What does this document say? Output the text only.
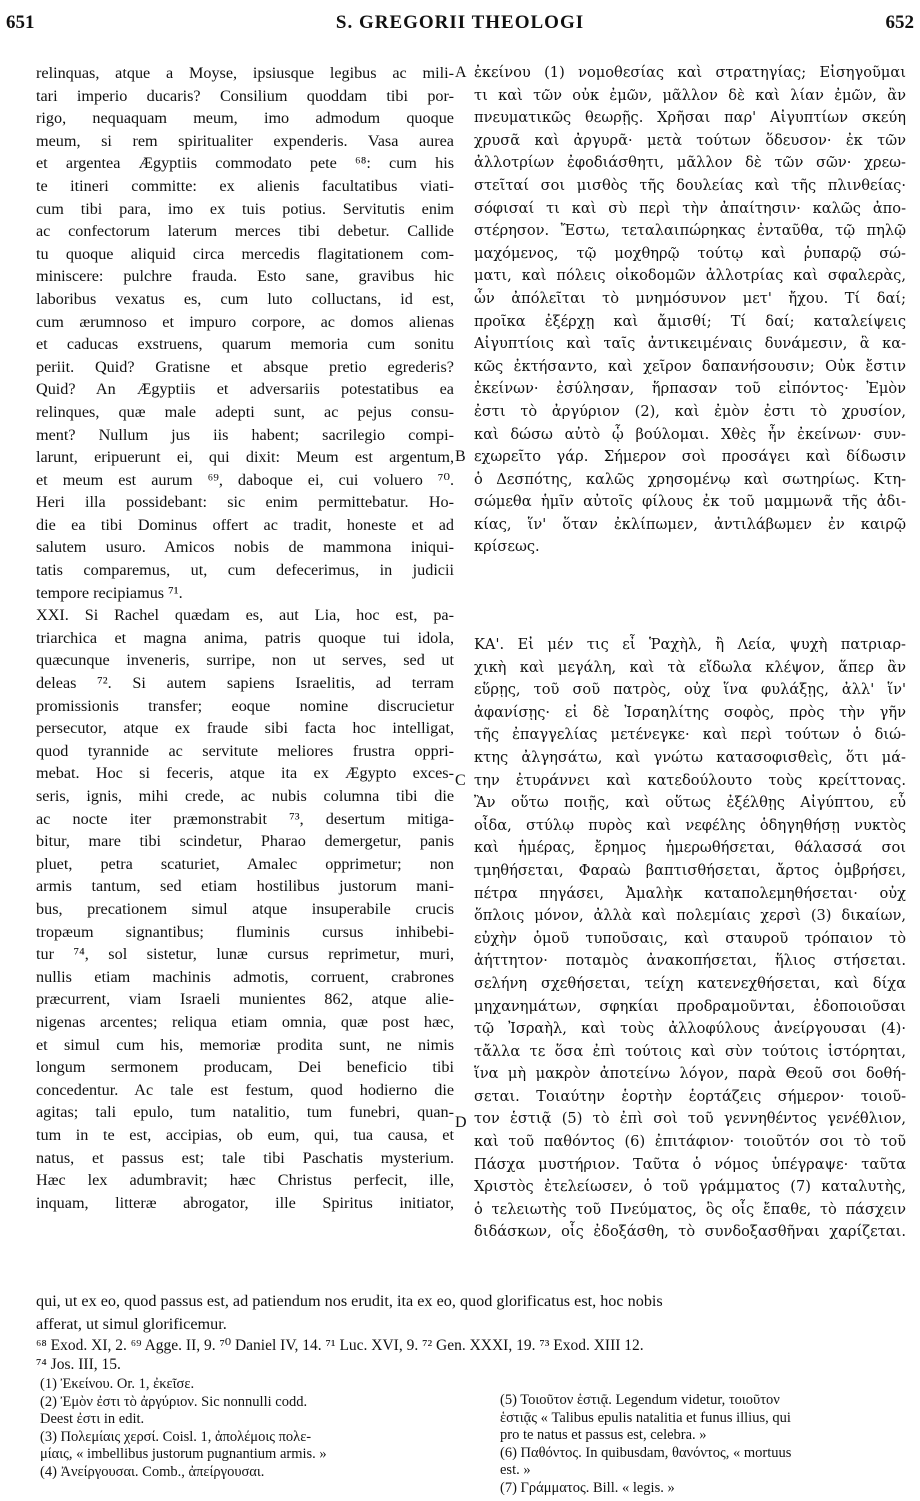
651	S. GREGORII THEOLOGI	652
relinquas, atque a Moyse, ipsiusque legibus ac mili-
tari imperio ducaris? Consilium quoddam tibi por-
rigo, nequaquam meum, imo admodum quoque
meum, si rem spiritualiter expenderis. Vasa aurea
et argentea Ægyptiis commodato pete ⁶⁸: cum his
te itineri committe: ex alienis facultatibus viati-
cum tibi para, imo ex tuis potius. Servitutis enim
ac confectorum laterum merces tibi debetur. Callide
tu quoque aliquid circa mercedis flagitationem com-
miniscere: pulchre frauda. Esto sane, gravibus hic
laboribus vexatus es, cum luto colluctans, id est,
cum ærumnoso et impuro corpore, ac domos alienas
et caducas exstruens, quarum memoria cum sonitu
periit. Quid? Gratisne et absque pretio egrederis?
Quid? An Ægyptiis et adversariis potestatibus ea
relinques, quæ male adepti sunt, ac pejus consu-
ment? Nullum jus iis habent; sacrilegio compi-
larunt, eripuerunt ei, qui dixit: Meum est argentum,
et meum est aurum ⁶⁹, daboque ei, cui voluero ⁷⁰.
Heri illa possidebant: sic enim permittebatur. Ho-
die ea tibi Dominus offert ac tradit, honeste et ad
salutem usuro. Amicos nobis de mammona iniqui-
tatis comparemus, ut, cum defecerimus, in judicii
tempore recipiamus ⁷¹.
XXI. Si Rachel quædam es, aut Lia, hoc est, pa-
triarchica et magna anima, patris quoque tui idola,
quæcunque inveneris, surripe, non ut serves, sed ut
deleas ⁷². Si autem sapiens Israelitis, ad terram
promissionis transfer; eoque nomine discrucietur
persecutor, atque ex fraude sibi facta hoc intelligat,
quod tyrannide ac servitute meliores frustra oppri-
mebat. Hoc si feceris, atque ita ex Ægypto exces-
seris, ignis, mihi crede, ac nubis columna tibi die
ac nocte iter præmonstrabit ⁷³, desertum mitiga-
bitur, mare tibi scindetur, Pharao demergetur, panis
pluet, petra scaturiet, Amalec opprimetur; non
armis tantum, sed etiam hostilibus justorum mani-
bus, precationem simul atque insuperabile crucis
tropæum signantibus; fluminis cursus inhibebi-
tur ⁷⁴, sol sistetur, lunæ cursus reprimetur, muri,
nullis etiam machinis admotis, corruent, crabrones
præcurrent, viam Israeli munientes 862, atque alie-
nigenas arcentes; reliqua etiam omnia, quæ post hæc,
et simul cum his, memoriæ prodita sunt, ne nimis
longum sermonem producam, Dei beneficio tibi
concedentur. Ac tale est festum, quod hodierno die
agitas; tali epulo, tum natalitio, tum funebri, quan-
tum in te est, accipias, ob eum, qui, tua causa, et
natus, et passus est; tale tibi Paschatis mysterium.
Hæc lex adumbravit; hæc Christus perfecit, ille,
inquam, litteræ abrogator, ille Spiritus initiator,
ἐκείνου (1) νομοθεσίας καὶ στρατηγίας; Εἰσηγοῦμαι
τι καὶ τῶν οὐκ ἐμῶν, μᾶλλον δὲ καὶ λίαν ἐμῶν, ἂν
πνευματικῶς θεωρῇς. Χρῆσαι παρ' Αἰγυπτίων σκεύη
χρυσᾶ καὶ ἀργυρᾶ· μετὰ τούτων ὅδευσον· ἐκ τῶν
ἀλλοτρίων ἐφοδιάσθητι, μᾶλλον δὲ τῶν σῶν· χρεω-
στεῖταί σοι μισθὸς τῆς δουλείας καὶ τῆς πλινθείας·
σόφισαί τι καὶ σὺ περὶ τὴν ἀπαίτησιν· καλῶς ἀπο-
στέρησον. Ἔστω, τεταλαιπώρηκας ἐνταῦθα, τῷ πηλῷ
μαχόμενος, τῷ μοχθηρῷ τούτῳ καὶ ῥυπαρῷ σώ-
ματι, καὶ πόλεις οἰκοδομῶν ἀλλοτρίας καὶ σφαλερὰς,
ὧν ἀπόλεῖται τὸ μνημόσυνον μετ' ἤχου. Τί δαί;
προῖκα ἐξέρχῃ καὶ ἄμισθί; Τί δαί; καταλείψεις
Αἰγυπτίοις καὶ ταῖς ἀντικειμέναις δυνάμεσιν, ἃ κα-
κῶς ἐκτήσαντο, καὶ χεῖρον δαπανήσουσιν; Οὐκ ἔστιν
ἐκείνων· ἐσύλησαν, ἥρπασαν τοῦ εἰπόντος· Ἐμὸν
ἐστι τὸ ἀργύριον (2), καὶ ἐμὸν ἐστι τὸ χρυσίον,
καὶ δώσω αὐτὸ ᾧ βούλομαι. Χθὲς ἦν ἐκείνων· συν-
εχωρεῖτο γάρ. Σήμερον σοὶ προσάγει καὶ δίδωσιν
ὁ Δεσπότης, καλῶς χρησομένῳ καὶ σωτηρίως. Κτη-
σώμεθα ἡμῖν αὐτοῖς φίλους ἐκ τοῦ μαμμωνᾶ τῆς ἀδι-
κίας, ἵν' ὅταν ἐκλίπωμεν, ἀντιλάβωμεν ἐν καιρῷ
κρίσεως.
ΚΑ'. Εἰ μέν τις εἶ Ῥαχὴλ, ἢ Λεία, ψυχὴ πατριαρ-
χικὴ καὶ μεγάλη, καὶ τὰ εἴδωλα κλέψον, ἅπερ ἂν
εὕρῃς, τοῦ σοῦ πατρὸς, οὐχ ἵνα φυλάξῃς, ἀλλ' ἵν'
ἀφανίσῃς· εἰ δὲ Ἰσραηλίτης σοφὸς, πρὸς τὴν γῆν
τῆς ἐπαγγελίας μετένεγκε· καὶ περὶ τούτων ὁ διώ-
κτης ἀλγησάτω, καὶ γνώτω κατασοφισθεὶς, ὅτι μά-
την ἐτυράννει καὶ κατεδούλουτο τοὺς κρείττονας.
Ἂν οὕτω ποιῇς, καὶ οὕτως ἐξέλθῃς Αἰγύπτου, εὖ
οἶδα, στύλῳ πυρὸς καὶ νεφέλης ὁδηγηθήσῃ νυκτὸς
καὶ ἡμέρας, ἔρημος ἡμερωθήσεται, θάλασσά σοι
τμηθήσεται, Φαραὼ βαπτισθήσεται, ἄρτος ὀμβρήσει,
πέτρα πηγάσει, Ἀμαλὴκ καταπολεμηθήσεται· οὐχ
ὅπλοις μόνον, ἀλλὰ καὶ πολεμίαις χερσὶ (3) δικαίων,
εὐχὴν ὁμοῦ τυποῦσαις, καὶ σταυροῦ τρόπαιον τὸ
ἀήττητον· ποταμὸς ἀνακοπήσεται, ἥλιος στήσεται.
σελήνη σχεθήσεται, τείχη κατενεχθήσεται, καὶ δίχα
μηχανημάτων, σφηκίαι προδραμοῦνται, ἐδοποιοῦσαι
τῷ Ἰσραὴλ, καὶ τοὺς ἀλλοφύλους ἀνείργουσαι (4)·
τἄλλα τε ὅσα ἐπὶ τούτοις καὶ σὺν τούτοις ἱστόρηται,
ἵνα μὴ μακρὸν ἀποτείνω λόγον, παρὰ Θεοῦ σοι δοθή-
σεται. Τοιαύτην ἑορτὴν ἑορτάζεις σήμερον· τοιοῦ-
τον ἑστιᾷ (5) τὸ ἐπὶ σοὶ τοῦ γεννηθέντος γενέθλιον,
καὶ τοῦ παθόντος (6) ἐπιτάφιον· τοιοῦτόν σοι τὸ τοῦ
Πάσχα μυστήριον. Ταῦτα ὁ νόμος ὑπέγραψε· ταῦτα
Χριστὸς ἐτελείωσεν, ὁ τοῦ γράμματος (7) καταλυτὴς,
ὁ τελειωτὴς τοῦ Πνεύματος, ὃς οἷς ἔπαθε, τὸ πάσχειν
διδάσκων, οἷς ἐδοξάσθη, τὸ συνδοξασθῆναι χαρίζεται.
A
B
C
D
qui, ut ex eo, quod passus est, ad patiendum nos erudit, ita ex eo, quod glorificatus est, hoc nobis
afferat, ut simul glorificemur.
⁶⁸ Exod. XI, 2. ⁶⁹ Agge. II, 9. ⁷⁰ Daniel IV, 14. ⁷¹ Luc. XVI, 9. ⁷² Gen. XXXI, 19. ⁷³ Exod. XIII 12.
⁷⁴ Jos. III, 15.
(1) Ἐκείνου. Or. 1, ἐκεῖσε.
(2) Ἐμὸν ἐστι τὸ ἀργύριον. Sic nonnulli codd.
Deest ἐστι in edit.
(3) Πολεμίαις χερσί. Coisl. 1, ἀπολέμοις πολε-
μίαις, « imbellibus justorum pugnantium armis. »
(4) Ἀνείργουσαι. Comb., ἀπείργουσαι.
(5) Τοιοῦτον ἑστιᾷ. Legendum videtur, τοιοῦτον
ἑστιᾷς « Talibus epulis natalitia et funus illius, qui
pro te natus et passus est, celebra. »
(6) Παθόντος. In quibusdam, θανόντος, « mortuus
est. »
(7) Γράμματος. Bill. « legis. »
